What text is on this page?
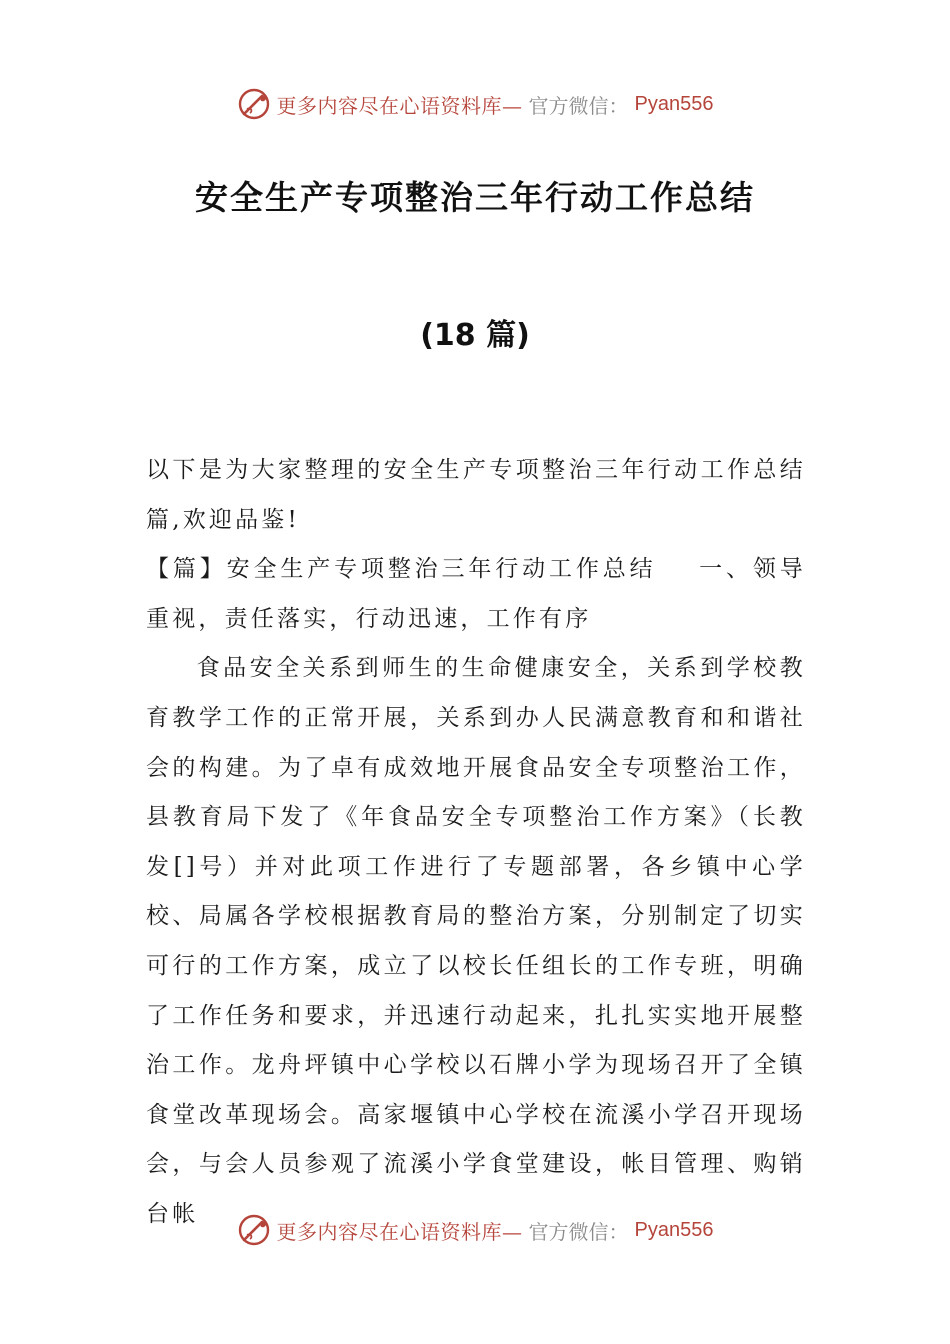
更多内容尽在心语资料库— 官方微信： Pyan556
安全生产专项整治三年行动工作总结
(18 篇)

以下是为大家整理的安全生产专项整治三年行动工作总结篇,欢迎品鉴!

【篇】安全生产专项整治三年行动工作总结 一、领导重视，责任落实，行动迅速，工作有序

食品安全关系到师生的生命健康安全，关系到学校教育教学工作的正常开展，关系到办人民满意教育和和谐社会的构建。为了卓有成效地开展食品安全专项整治工作，县教育局下发了《年食品安全专项整治工作方案》（长教发[]号）并对此项工作进行了专题部署，各乡镇中心学校、局属各学校根据教育局的整治方案，分别制定了切实可行的工作方案，成立了以校长任组长的工作专班，明确了工作任务和要求，并迅速行动起来，扎扎实实地开展整治工作。龙舟坪镇中心学校以石牌小学为现场召开了全镇食堂改革现场会。高家堰镇中心学校在流溪小学召开现场会，与会人员参观了流溪小学食堂建设，帐目管理、购销台帐

更多内容尽在心语资料库— 官方微信： Pyan556
